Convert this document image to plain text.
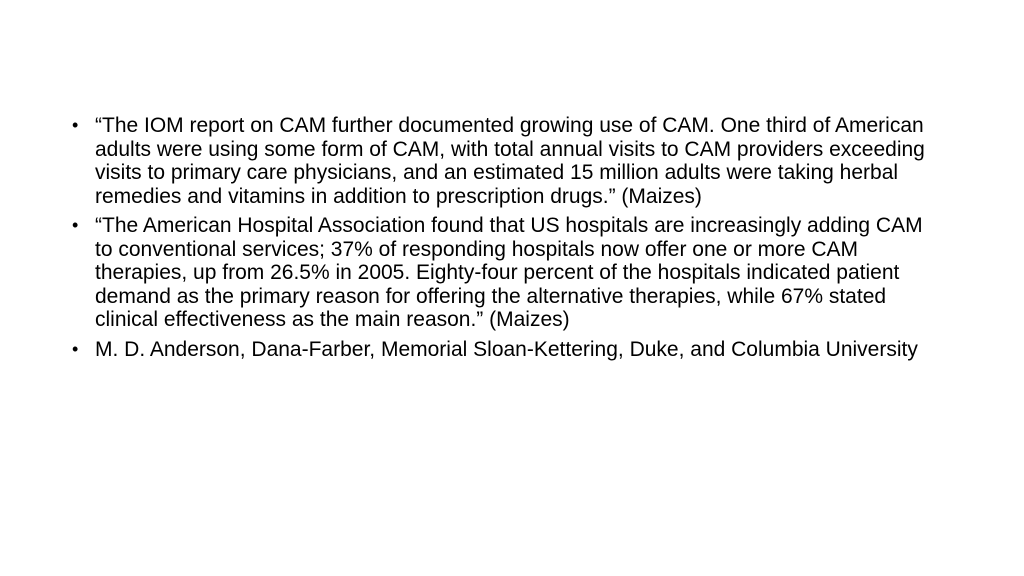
• “The IOM report on CAM further documented growing use of CAM. One third of American adults were using some form of CAM, with total annual visits to CAM providers exceeding visits to primary care physicians, and an estimated 15 million adults were taking herbal remedies and vitamins in addition to prescription drugs.” (Maizes)
• “The American Hospital Association found that US hospitals are increasingly adding CAM to conventional services; 37% of responding hospitals now offer one or more CAM therapies, up from 26.5% in 2005. Eighty-four percent of the hospitals indicated patient demand as the primary reason for offering the alternative therapies, while 67% stated clinical effectiveness as the main reason.” (Maizes)
• M. D. Anderson, Dana-Farber, Memorial Sloan-Kettering, Duke, and Columbia University
